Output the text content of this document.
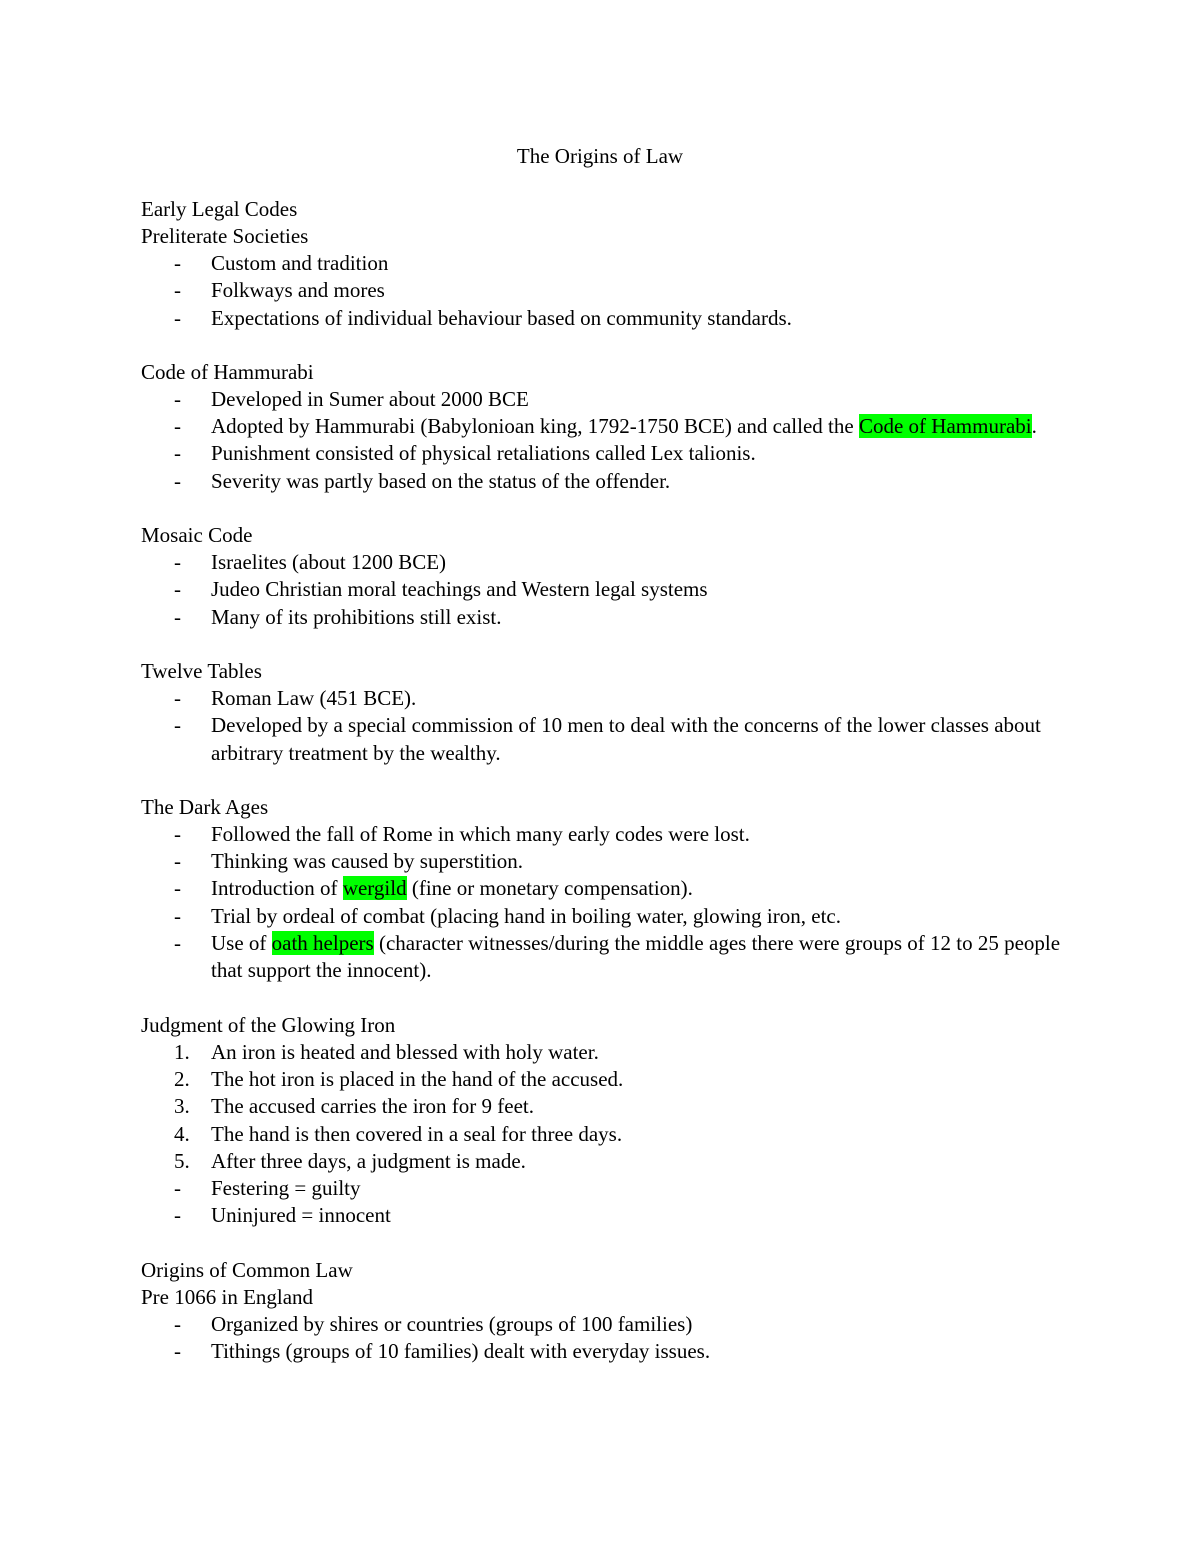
The Origins of Law

Early Legal Codes

Preliterate Societies

- Custom and tradition
- Folkways and mores
- Expectations of individual behaviour based on community standards.

Code of Hammurabi

- Developed in Sumer about 2000 BCE
- Adopted by Hammurabi (Babylonioan king, 1792-1750 BCE) and called the Code of Hammurabi.
- Punishment consisted of physical retaliations called Lex talionis.
- Severity was partly based on the status of the offender.

Mosaic Code

- Israelites (about 1200 BCE)
- Judeo Christian moral teachings and Western legal systems
- Many of its prohibitions still exist.

Twelve Tables

- Roman Law (451 BCE).
- Developed by a special commission of 10 men to deal with the concerns of the lower classes about arbitrary treatment by the wealthy.

The Dark Ages

- Followed the fall of Rome in which many early codes were lost.
- Thinking was caused by superstition.
- Introduction of wergild (fine or monetary compensation).
- Trial by ordeal of combat (placing hand in boiling water, glowing iron, etc.
- Use of oath helpers (character witnesses/during the middle ages there were groups of 12 to 25 people that support the innocent).

Judgment of the Glowing Iron

1. An iron is heated and blessed with holy water.
2. The hot iron is placed in the hand of the accused.
3. The accused carries the iron for 9 feet.
4. The hand is then covered in a seal for three days.
5. After three days, a judgment is made.
- Festering = guilty
- Uninjured = innocent

Origins of Common Law

Pre 1066 in England

- Organized by shires or countries (groups of 100 families)
- Tithings (groups of 10 families) dealt with everyday issues.
